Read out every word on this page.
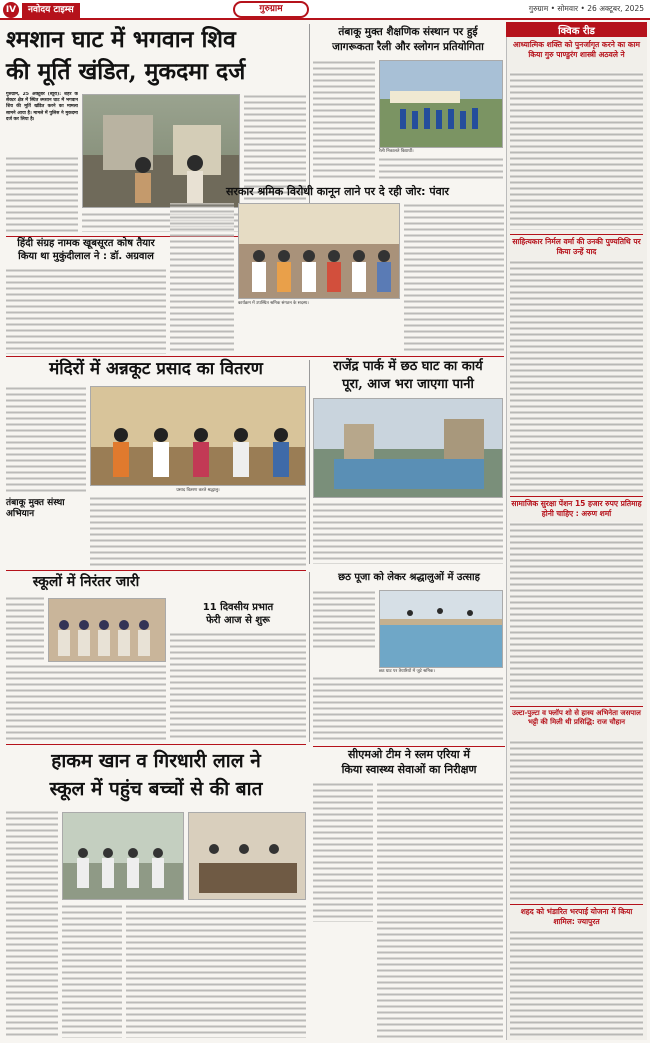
IV	नवोदय टाइम्स	गुरुग्राम	गुरुग्राम • सोमवार • 26 अक्टूबर, 2025
श्मशान घाट में भगवान शिव
की मूर्ति खंडित, मुकदमा दर्ज
गुरुग्राम, 25 अक्टूबर (ब्यूरो): शहर के सेक्टर क्षेत्र में स्थित श्मशान घाट में भगवान शिव की मूर्ति खंडित करने का मामला सामने आया है। मामले में पुलिस ने मुकदमा दर्ज कर लिया है।
तंबाकू मुक्त शैक्षणिक संस्थान पर हुई
जागरूकता रैली और स्लोगन प्रतियोगिता
रैली निकालते विद्यार्थी।
हिंदी संग्रह नामक खूबसूरत कोष तैयार
किया था मुकुंदीलाल ने : डॉ. अग्रवाल
सरकार श्रमिक विरोधी कानून लाने पर दे रही जोर: पंवार
कार्यक्रम में उपस्थित श्रमिक संगठन के सदस्य।
मंदिरों में अन्नकूट प्रसाद का वितरण
प्रसाद वितरण करते श्रद्धालु।
राजेंद्र पार्क में छठ घाट का कार्य
पूरा, आज भरा जाएगा पानी
तंबाकू मुक्त संस्था अभियान
स्कूलों में निरंतर जारी
11 दिवसीय प्रभात
फेरी आज से शुरू
छठ पूजा को लेकर श्रद्धालुओं में उत्साह
छठ घाट पर तैयारियों में जुटे श्रमिक।
सीएमओ टीम ने स्लम एरिया में
किया स्वास्थ्य सेवाओं का निरीक्षण
हाकम खान व गिरधारी लाल ने
स्कूल में पहुंच बच्चों से की बात
क्विक रीड
आध्यात्मिक शक्ति को पुनर्जागृत करने का काम किया गुरु पाण्डुरंग शास्त्री अठवले ने
साहित्यकार निर्मल वर्मा की उनकी पुण्यतिथि पर किया उन्हें याद
सामाजिक सुरक्षा पेंशन 15 हजार रुपए प्रतिमाह होनी चाहिए : अरुण शर्मा
उल्टा-पुल्टा व फ्लॉप शो से हास्य अभिनेता जसपाल भट्टी की मिली थी प्रसिद्धि: राज चौहान
शहद को भंडारित भरपाई योजना में किया शामिल: ज्यापुरत
